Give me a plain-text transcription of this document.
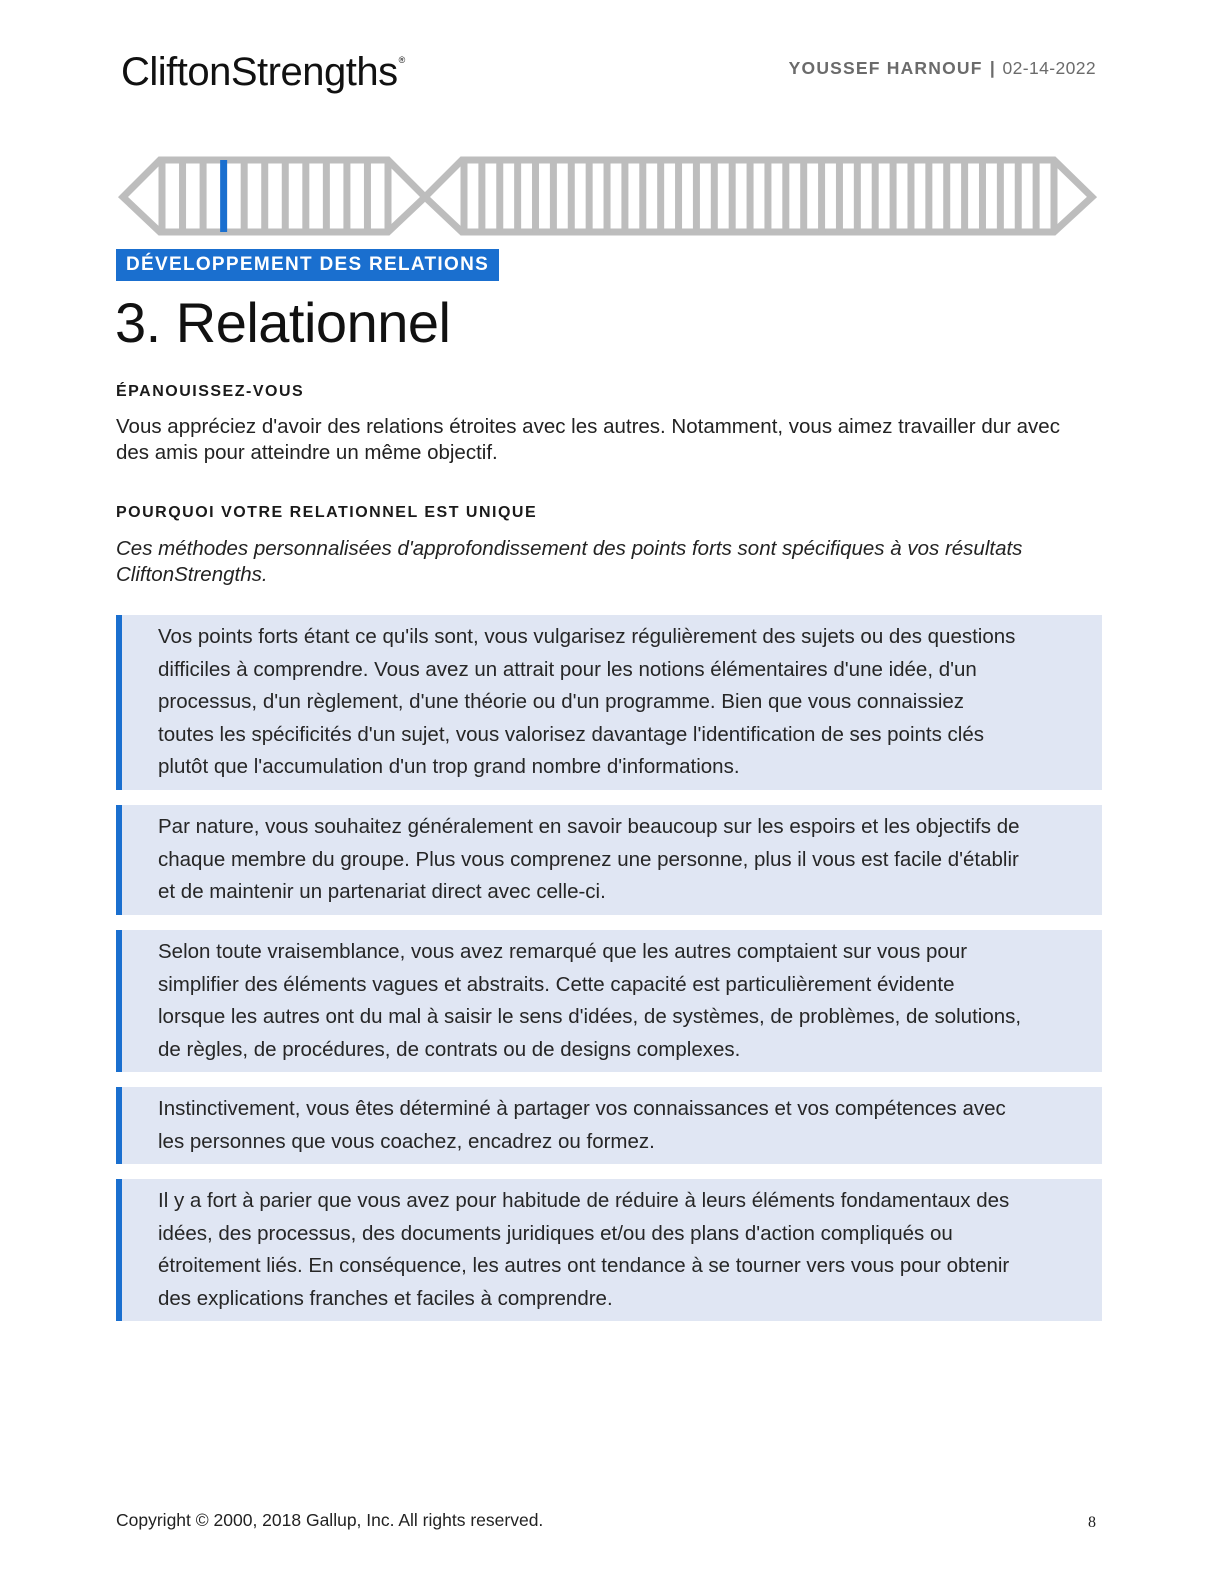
CliftonStrengths®	YOUSSEF HARNOUF | 02-14-2022
DÉVELOPPEMENT DES RELATIONS
3. Relationnel
ÉPANOUISSEZ-VOUS
Vous appréciez d'avoir des relations étroites avec les autres. Notamment, vous aimez travailler dur avec des amis pour atteindre un même objectif.
POURQUOI VOTRE RELATIONNEL EST UNIQUE
Ces méthodes personnalisées d'approfondissement des points forts sont spécifiques à vos résultats CliftonStrengths.

Vos points forts étant ce qu'ils sont, vous vulgarisez régulièrement des sujets ou des questions difficiles à comprendre. Vous avez un attrait pour les notions élémentaires d'une idée, d'un processus, d'un règlement, d'une théorie ou d'un programme. Bien que vous connaissiez toutes les spécificités d'un sujet, vous valorisez davantage l'identification de ses points clés plutôt que l'accumulation d'un trop grand nombre d'informations.

Par nature, vous souhaitez généralement en savoir beaucoup sur les espoirs et les objectifs de chaque membre du groupe. Plus vous comprenez une personne, plus il vous est facile d'établir et de maintenir un partenariat direct avec celle-ci.

Selon toute vraisemblance, vous avez remarqué que les autres comptaient sur vous pour simplifier des éléments vagues et abstraits. Cette capacité est particulièrement évidente lorsque les autres ont du mal à saisir le sens d'idées, de systèmes, de problèmes, de solutions, de règles, de procédures, de contrats ou de designs complexes.

Instinctivement, vous êtes déterminé à partager vos connaissances et vos compétences avec les personnes que vous coachez, encadrez ou formez.

Il y a fort à parier que vous avez pour habitude de réduire à leurs éléments fondamentaux des idées, des processus, des documents juridiques et/ou des plans d'action compliqués ou étroitement liés. En conséquence, les autres ont tendance à se tourner vers vous pour obtenir des explications franches et faciles à comprendre.

Copyright © 2000, 2018 Gallup, Inc. All rights reserved.	8
